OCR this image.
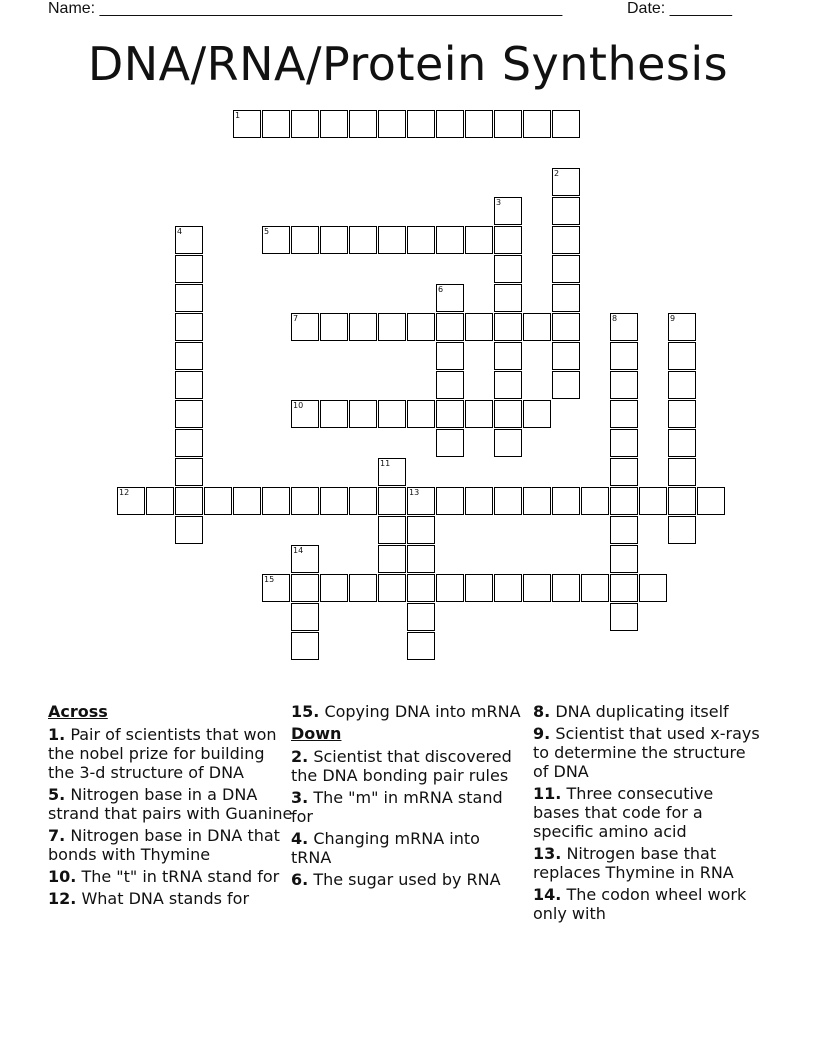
Name: ____________________________________________________	Date: _______
DNA/RNA/Protein Synthesis
1
2
3
4	5
6
7	8	9
10
11
12	13
14
15
Across
1. Pair of scientists that won the nobel prize for building the 3-d structure of DNA
5. Nitrogen base in a DNA strand that pairs with Guanine
7. Nitrogen base in DNA that bonds with Thymine
10. The "t" in tRNA stand for
12. What DNA stands for
15. Copying DNA into mRNA
Down
2. Scientist that discovered the DNA bonding pair rules
3. The "m" in mRNA stand for
4. Changing mRNA into tRNA
6. The sugar used by RNA
8. DNA duplicating itself
9. Scientist that used x-rays to determine the structure of DNA
11. Three consecutive bases that code for a specific amino acid
13. Nitrogen base that replaces Thymine in RNA
14. The codon wheel work only with
